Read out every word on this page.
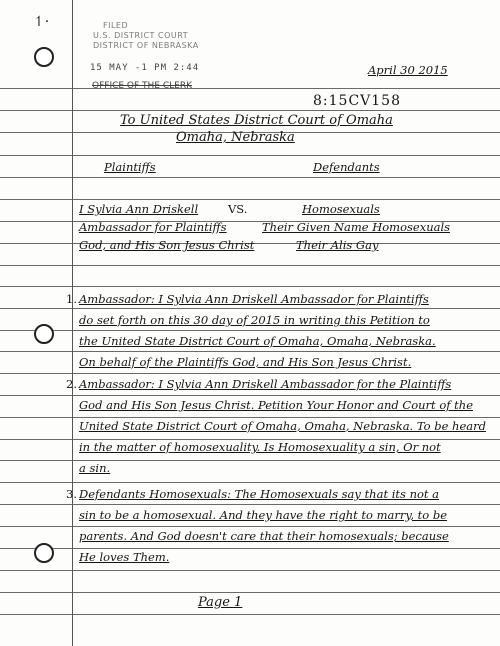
↿·	FILED
U.S. DISTRICT COURT
DISTRICT OF NEBRASKA
15 MAY -1 PM 2:44
OFFICE OF THE CLERK
April 30 2015
8:15CV158
To United States District Court of Omaha
Omaha, Nebraska
Plaintiffs	Defendants
I Sylvia Ann Driskell	VS.	Homosexuals
Ambassador for Plaintiffs	Their Given Name Homosexuals
God, and His Son Jesus Christ	Their Alis Gay
1. Ambassador: I Sylvia Ann Driskell Ambassador for Plaintiffs
do set forth on this 30 day of 2015 in writing this Petition to
the United State District Court of Omaha, Omaha, Nebraska.
On behalf of the Plaintiffs God, and His Son Jesus Christ.
2. Ambassador: I Sylvia Ann Driskell Ambassador for the Plaintiffs
God and His Son Jesus Christ. Petition Your Honor and Court of the
United State District Court of Omaha, Omaha, Nebraska. To be heard
in the matter of homosexuality. Is Homosexuality a sin, Or not
a sin.
3. Defendants Homosexuals: The Homosexuals say that its not a
sin to be a homosexual. And they have the right to marry, to be
parents. And God doesn't care that their homosexuals; because
He loves Them.
Page 1
